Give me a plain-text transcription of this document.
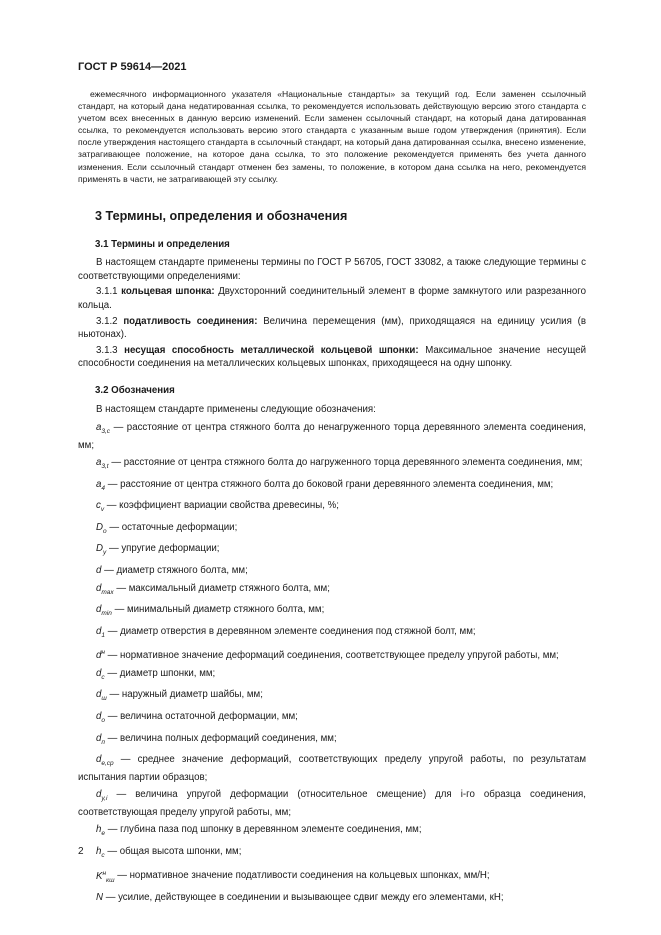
ГОСТ Р 59614—2021
ежемесячного информационного указателя «Национальные стандарты» за текущий год. Если заменен ссылочный стандарт, на который дана недатированная ссылка, то рекомендуется использовать действующую версию этого стандарта с учетом всех внесенных в данную версию изменений. Если заменен ссылочный стандарт, на который дана датированная ссылка, то рекомендуется использовать версию этого стандарта с указанным выше годом утверждения (принятия). Если после утверждения настоящего стандарта в ссылочный стандарт, на который дана датированная ссылка, внесено изменение, затрагивающее положение, на которое дана ссылка, то это положение рекомендуется применять без учета данного изменения. Если ссылочный стандарт отменен без замены, то положение, в котором дана ссылка на него, рекомендуется применять в части, не затрагивающей эту ссылку.
3 Термины, определения и обозначения
3.1 Термины и определения
В настоящем стандарте применены термины по ГОСТ Р 56705, ГОСТ 33082, а также следующие термины с соответствующими определениями:
3.1.1 кольцевая шпонка: Двухсторонний соединительный элемент в форме замкнутого или разрезанного кольца.
3.1.2 податливость соединения: Величина перемещения (мм), приходящаяся на единицу усилия (в ньютонах).
3.1.3 несущая способность металлической кольцевой шпонки: Максимальное значение несущей способности соединения на металлических кольцевых шпонках, приходящееся на одну шпонку.
3.2 Обозначения
В настоящем стандарте применены следующие обозначения:
$a_{3,c}$ — расстояние от центра стяжного болта до ненагруженного торца деревянного элемента соединения, мм;
$a_{3,t}$ — расстояние от центра стяжного болта до нагруженного торца деревянного элемента соединения, мм;
$a_4$ — расстояние от центра стяжного болта до боковой грани деревянного элемента соединения, мм;
$c_v$ — коэффициент вариации свойства древесины, %;
$D_о$ — остаточные деформации;
$D_y$ — упругие деформации;
d — диаметр стяжного болта, мм;
$d_{max}$ — максимальный диаметр стяжного болта, мм;
$d_{min}$ — минимальный диаметр стяжного болта, мм;
$d_1$ — диаметр отверстия в деревянном элементе соединения под стяжной болт, мм;
$d^н$ — нормативное значение деформаций соединения, соответствующее пределу упругой работы, мм;
$d_c$ — диаметр шпонки, мм;
$d_ш$ — наружный диаметр шайбы, мм;
$d_о$ — величина остаточной деформации, мм;
$d_п$ — величина полных деформаций соединения, мм;
$d_{e,ср}$ — среднее значение деформаций, соответствующих пределу упругой работы, по результатам испытания партии образцов;
$d_{y,i}$ — величина упругой деформации (относительное смещение) для i-го образца соединения, соответствующая пределу упругой работы, мм;
$h_e$ — глубина паза под шпонку в деревянном элементе соединения, мм;
$h_c$ — общая высота шпонки, мм;
$K^н_{кш}$ — нормативное значение податливости соединения на кольцевых шпонках, мм/Н;
N — усилие, действующее в соединении и вызывающее сдвиг между его элементами, кН;
2
